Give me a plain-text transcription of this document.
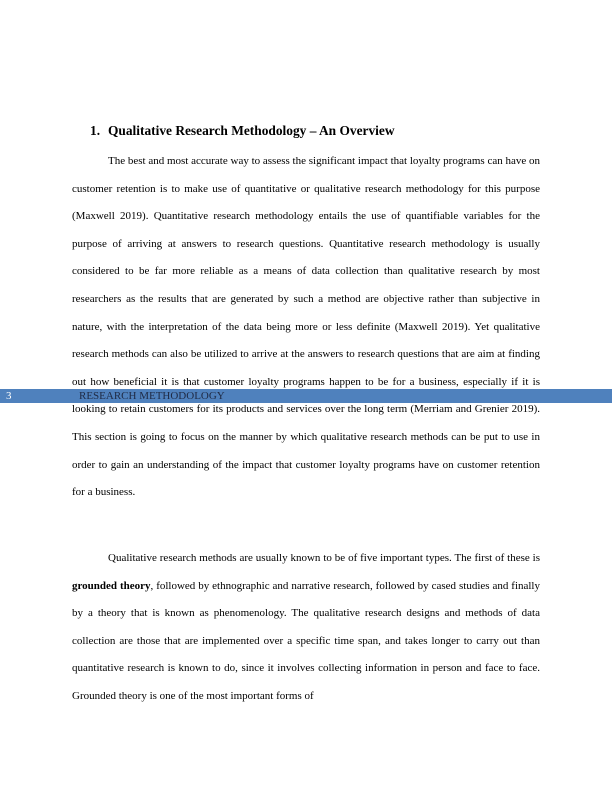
1. Qualitative Research Methodology – An Overview

The best and most accurate way to assess the significant impact that loyalty programs can have on customer retention is to make use of quantitative or qualitative research methodology for this purpose (Maxwell 2019). Quantitative research methodology entails the use of quantifiable variables for the purpose of arriving at answers to research questions. Quantitative research methodology is usually considered to be far more reliable as a means of data collection than qualitative research by most researchers as the results that are generated by such a method are objective rather than subjective in nature, with the interpretation of the data being more or less definite (Maxwell 2019). Yet qualitative research methods can also be utilized to arrive at the answers to research questions that are aim at finding out how beneficial it is that customer loyalty programs happen to be for a business, especially if it is looking to retain customers for its products and services over the long term (Merriam and Grenier 2019). This section is going to focus on the manner by which qualitative research methods can be put to use in order to gain an understanding of the impact that customer loyalty programs have on customer retention for a business.

Qualitative research methods are usually known to be of five important types. The first of these is grounded theory, followed by ethnographic and narrative research, followed by cased studies and finally by a theory that is known as phenomenology. The qualitative research designs and methods of data collection are those that are implemented over a specific time span, and takes longer to carry out than quantitative research is known to do, since it involves collecting information in person and face to face. Grounded theory is one of the most important forms of

3	RESEARCH METHODOLOGY
